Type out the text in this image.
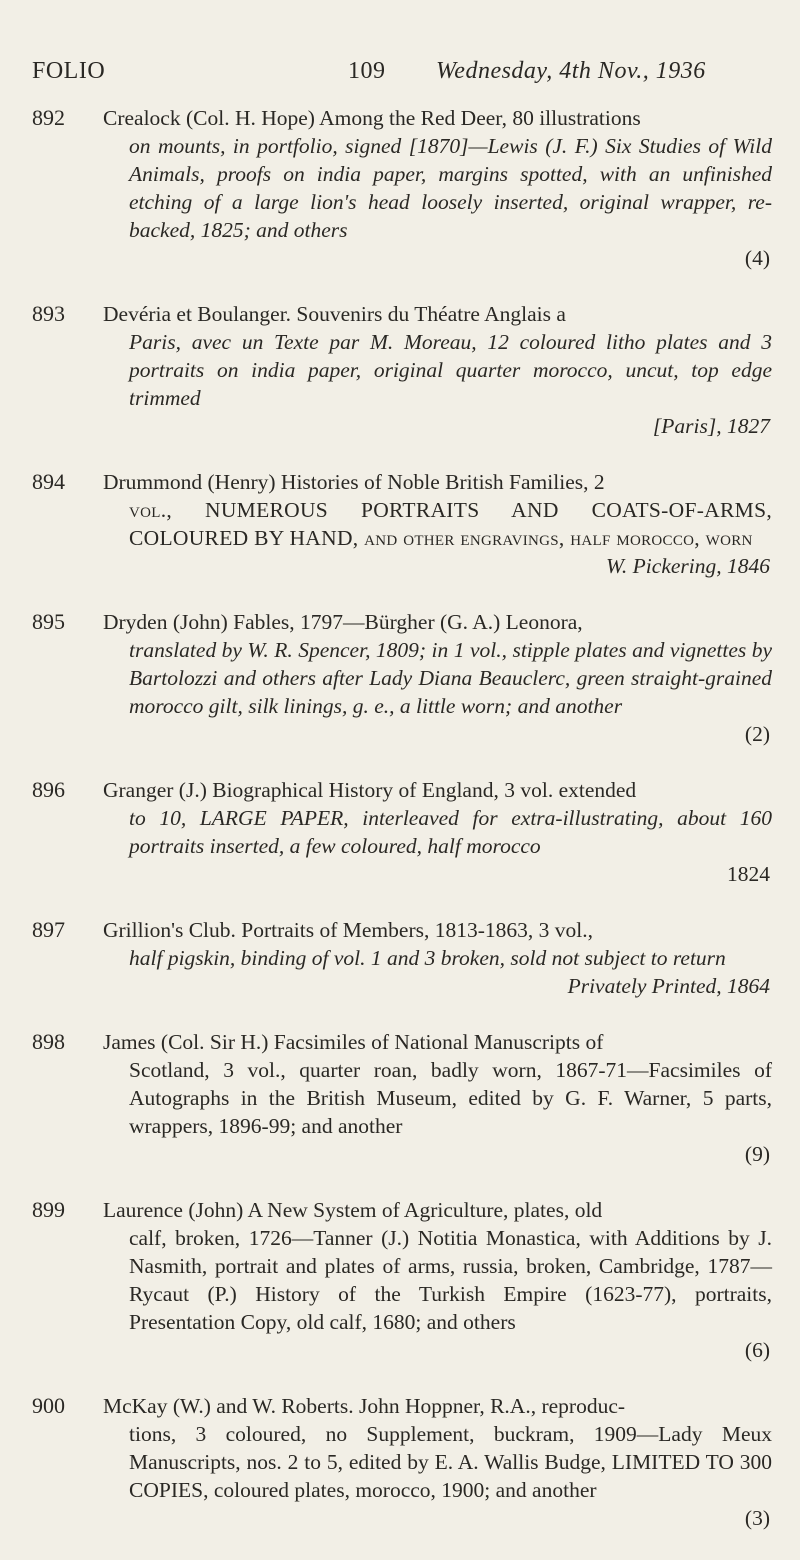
FOLIO	109 Wednesday, 4th Nov., 1936
892	Crealock (Col. H. Hope) Among the Red Deer, 80 illustrations
on mounts, in portfolio, signed [1870]—Lewis (J. F.) Six Studies of Wild Animals, proofs on india paper, margins spotted, with an unfinished etching of a large lion's head loosely inserted, original wrapper, re-backed, 1825; and others
(4)
893	Devéria et Boulanger. Souvenirs du Théatre Anglais a
Paris, avec un Texte par M. Moreau, 12 coloured litho plates and 3 portraits on india paper, original quarter morocco, uncut, top edge trimmed
[Paris], 1827
894	Drummond (Henry) Histories of Noble British Families, 2
vol., NUMEROUS PORTRAITS AND COATS-OF-ARMS, COLOURED BY HAND, and other engravings, half morocco, worn
W. Pickering, 1846
895	Dryden (John) Fables, 1797—Bürgher (G. A.) Leonora,
translated by W. R. Spencer, 1809; in 1 vol., stipple plates and vignettes by Bartolozzi and others after Lady Diana Beauclerc, green straight-grained morocco gilt, silk linings, g. e., a little worn; and another
(2)
896	Granger (J.) Biographical History of England, 3 vol. extended
to 10, LARGE PAPER, interleaved for extra-illustrating, about 160 portraits inserted, a few coloured, half morocco
1824
897	Grillion's Club. Portraits of Members, 1813-1863, 3 vol.,
half pigskin, binding of vol. 1 and 3 broken, sold not subject to return
Privately Printed, 1864
898	James (Col. Sir H.) Facsimiles of National Manuscripts of
Scotland, 3 vol., quarter roan, badly worn, 1867-71—Facsimiles of Autographs in the British Museum, edited by G. F. Warner, 5 parts, wrappers, 1896-99; and another
(9)
899	Laurence (John) A New System of Agriculture, plates, old
calf, broken, 1726—Tanner (J.) Notitia Monastica, with Additions by J. Nasmith, portrait and plates of arms, russia, broken, Cambridge, 1787—Rycaut (P.) History of the Turkish Empire (1623-77), portraits, Presentation Copy, old calf, 1680; and others
(6)
900	McKay (W.) and W. Roberts. John Hoppner, R.A., reproduc-
tions, 3 coloured, no Supplement, buckram, 1909—Lady Meux Manuscripts, nos. 2 to 5, edited by E. A. Wallis Budge, LIMITED TO 300 COPIES, coloured plates, morocco, 1900; and another
(3)
